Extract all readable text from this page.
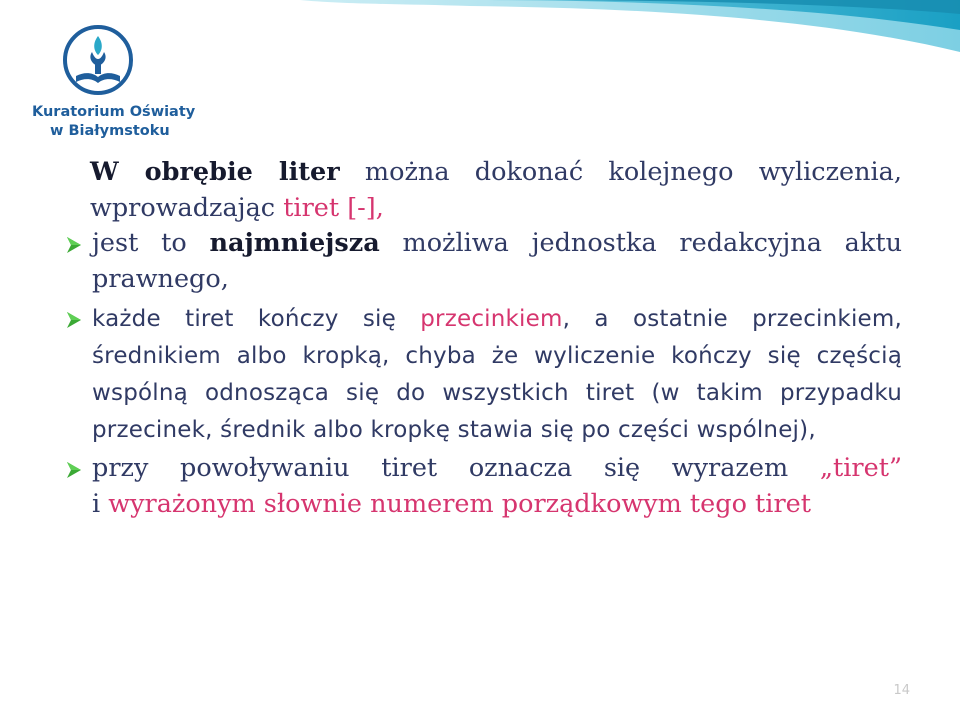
Kuratorium Oświaty
w Białymstoku

W obrębie liter można dokonać kolejnego wyliczenia,

wprowadzając tiret [-],

jest to najmniejsza możliwa jednostka redakcyjna aktu prawnego,
każde tiret kończy się przecinkiem, a ostatnie przecinkiem, średnikiem albo kropką, chyba że wyliczenie kończy się częścią wspólną odnosząca się do wszystkich tiret (w takim przypadku przecinek, średnik albo kropkę stawia się po części wspólnej),
przy powoływaniu tiret oznacza się wyrazem „tiret”
i wyrażonym słownie numerem porządkowym tego tiret
14
